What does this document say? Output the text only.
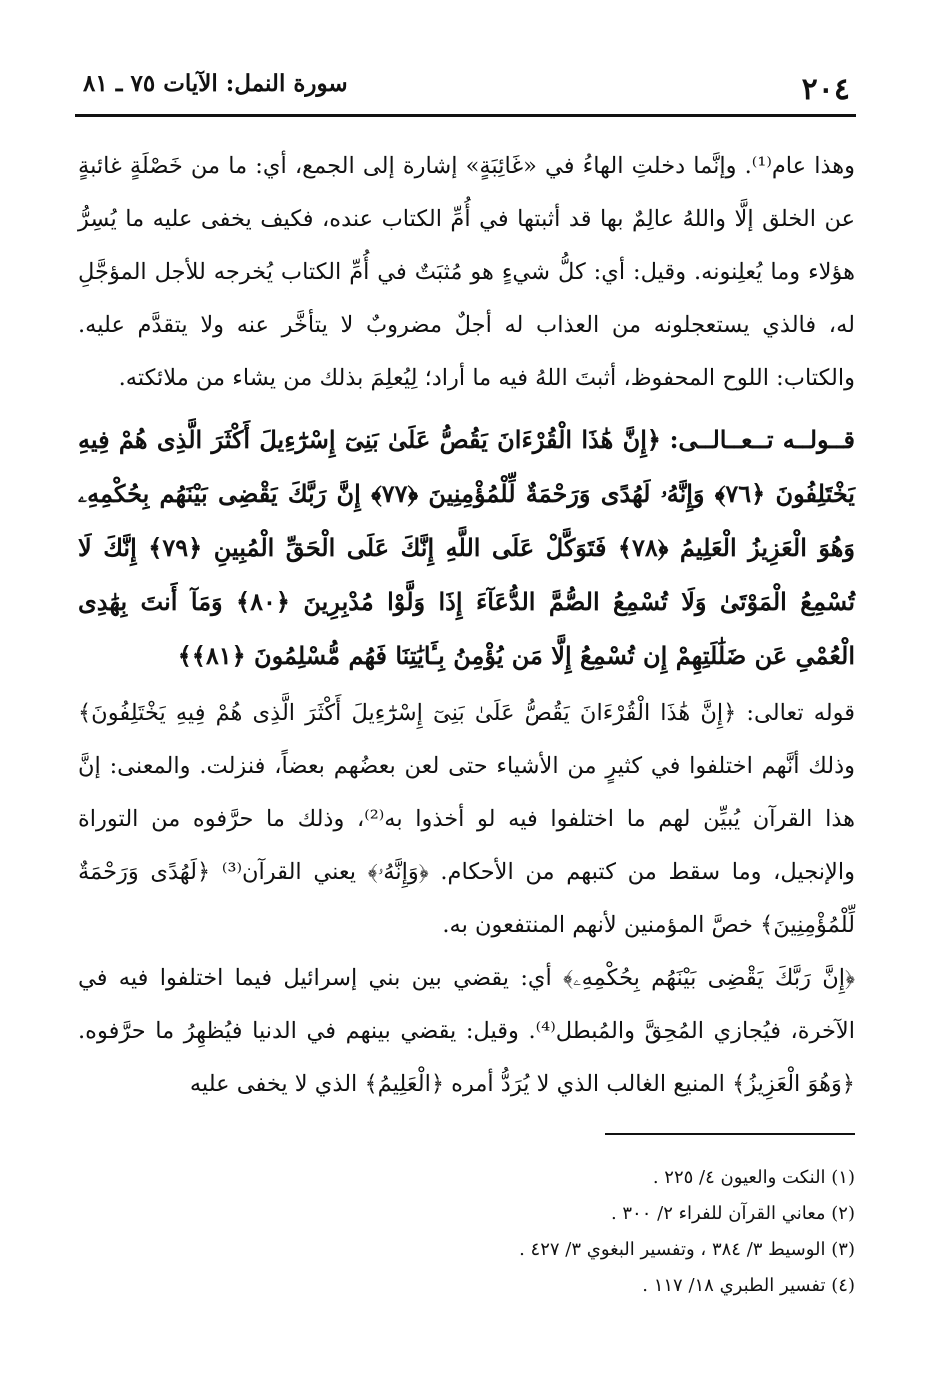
٢٠٤
سورة النمل: الآيات ٧٥ ـ ٨١

وهذا عام⁽¹⁾. وإنَّما دخلتِ الهاءُ في «غَائِبَةٍ» إشارة إلى الجمع، أي: ما من خَصْلَةٍ غائبةٍ عن الخلق إلَّا واللهُ عالِمٌ بها قد أثبتها في أُمِّ الكتاب عنده، فكيف يخفى عليه ما يُسِرُّ هؤلاء وما يُعلِنونه. وقيل: أي: كلُّ شيءٍ هو مُثبَتٌ في أُمِّ الكتاب يُخرجه للأجل المؤجَّلِ له، فالذي يستعجلونه من العذاب له أجلٌ مضروبٌ لا يتأخَّر عنه ولا يتقدَّم عليه. والكتاب: اللوح المحفوظ، أثبتَ اللهُ فيه ما أراد؛ لِيُعلِمَ بذلك من يشاء من ملائكته.

قــولــه تــعــالــى: ﴿إِنَّ هَٰذَا الْقُرْءَانَ يَقُصُّ عَلَىٰ بَنِىٓ إِسْرَٰٓءِيلَ أَكْثَرَ الَّذِى هُمْ فِيهِ يَخْتَلِفُونَ ﴿٧٦﴾ وَإِنَّهُۥ لَهُدًى وَرَحْمَةٌ لِّلْمُؤْمِنِينَ ﴿٧٧﴾ إِنَّ رَبَّكَ يَقْضِى بَيْنَهُم بِحُكْمِهِۦ وَهُوَ الْعَزِيزُ الْعَلِيمُ ﴿٧٨﴾ فَتَوَكَّلْ عَلَى اللَّهِ إِنَّكَ عَلَى الْحَقِّ الْمُبِينِ ﴿٧٩﴾ إِنَّكَ لَا تُسْمِعُ الْمَوْتَىٰ وَلَا تُسْمِعُ الصُّمَّ الدُّعَآءَ إِذَا وَلَّوْا مُدْبِرِينَ ﴿٨٠﴾ وَمَآ أَنتَ بِهَٰدِى الْعُمْىِ عَن ضَلَٰلَتِهِمْ إِن تُسْمِعُ إِلَّا مَن يُؤْمِنُ بِـَٔايَٰتِنَا فَهُم مُّسْلِمُونَ ﴿٨١﴾﴾

قوله تعالى: ﴿إِنَّ هَٰذَا الْقُرْءَانَ يَقُصُّ عَلَىٰ بَنِىٓ إِسْرَٰٓءِيلَ أَكْثَرَ الَّذِى هُمْ فِيهِ يَخْتَلِفُونَ﴾ وذلك أنَّهم اختلفوا في كثيرٍ من الأشياء حتى لعن بعضُهم بعضاً، فنزلت. والمعنى: إنَّ هذا القرآن يُبيِّن لهم ما اختلفوا فيه لو أخذوا به⁽²⁾، وذلك ما حرَّفوه من التوراة والإنجيل، وما سقط من كتبهم من الأحكام. ﴿وَإِنَّهُۥ﴾ يعني القرآن⁽³⁾ ﴿لَهُدًى وَرَحْمَةٌ لِّلْمُؤْمِنِينَ﴾ خصَّ المؤمنين لأنهم المنتفعون به.

﴿إِنَّ رَبَّكَ يَقْضِى بَيْنَهُم بِحُكْمِهِۦ﴾ أي: يقضي بين بني إسرائيل فيما اختلفوا فيه في الآخرة، فيُجازي المُحِقَّ والمُبطل⁽⁴⁾. وقيل: يقضي بينهم في الدنيا فيُظهِرُ ما حرَّفوه. ﴿وَهُوَ الْعَزِيزُ﴾ المنيع الغالب الذي لا يُرَدُّ أمره ﴿الْعَلِيمُ﴾ الذي لا يخفى عليه

(١) النكت والعيون ٤/ ٢٢٥ .

(٢) معاني القرآن للفراء ٢/ ٣٠٠ .

(٣) الوسيط ٣/ ٣٨٤ ، وتفسير البغوي ٣/ ٤٢٧ .

(٤) تفسير الطبري ١٨/ ١١٧ .
